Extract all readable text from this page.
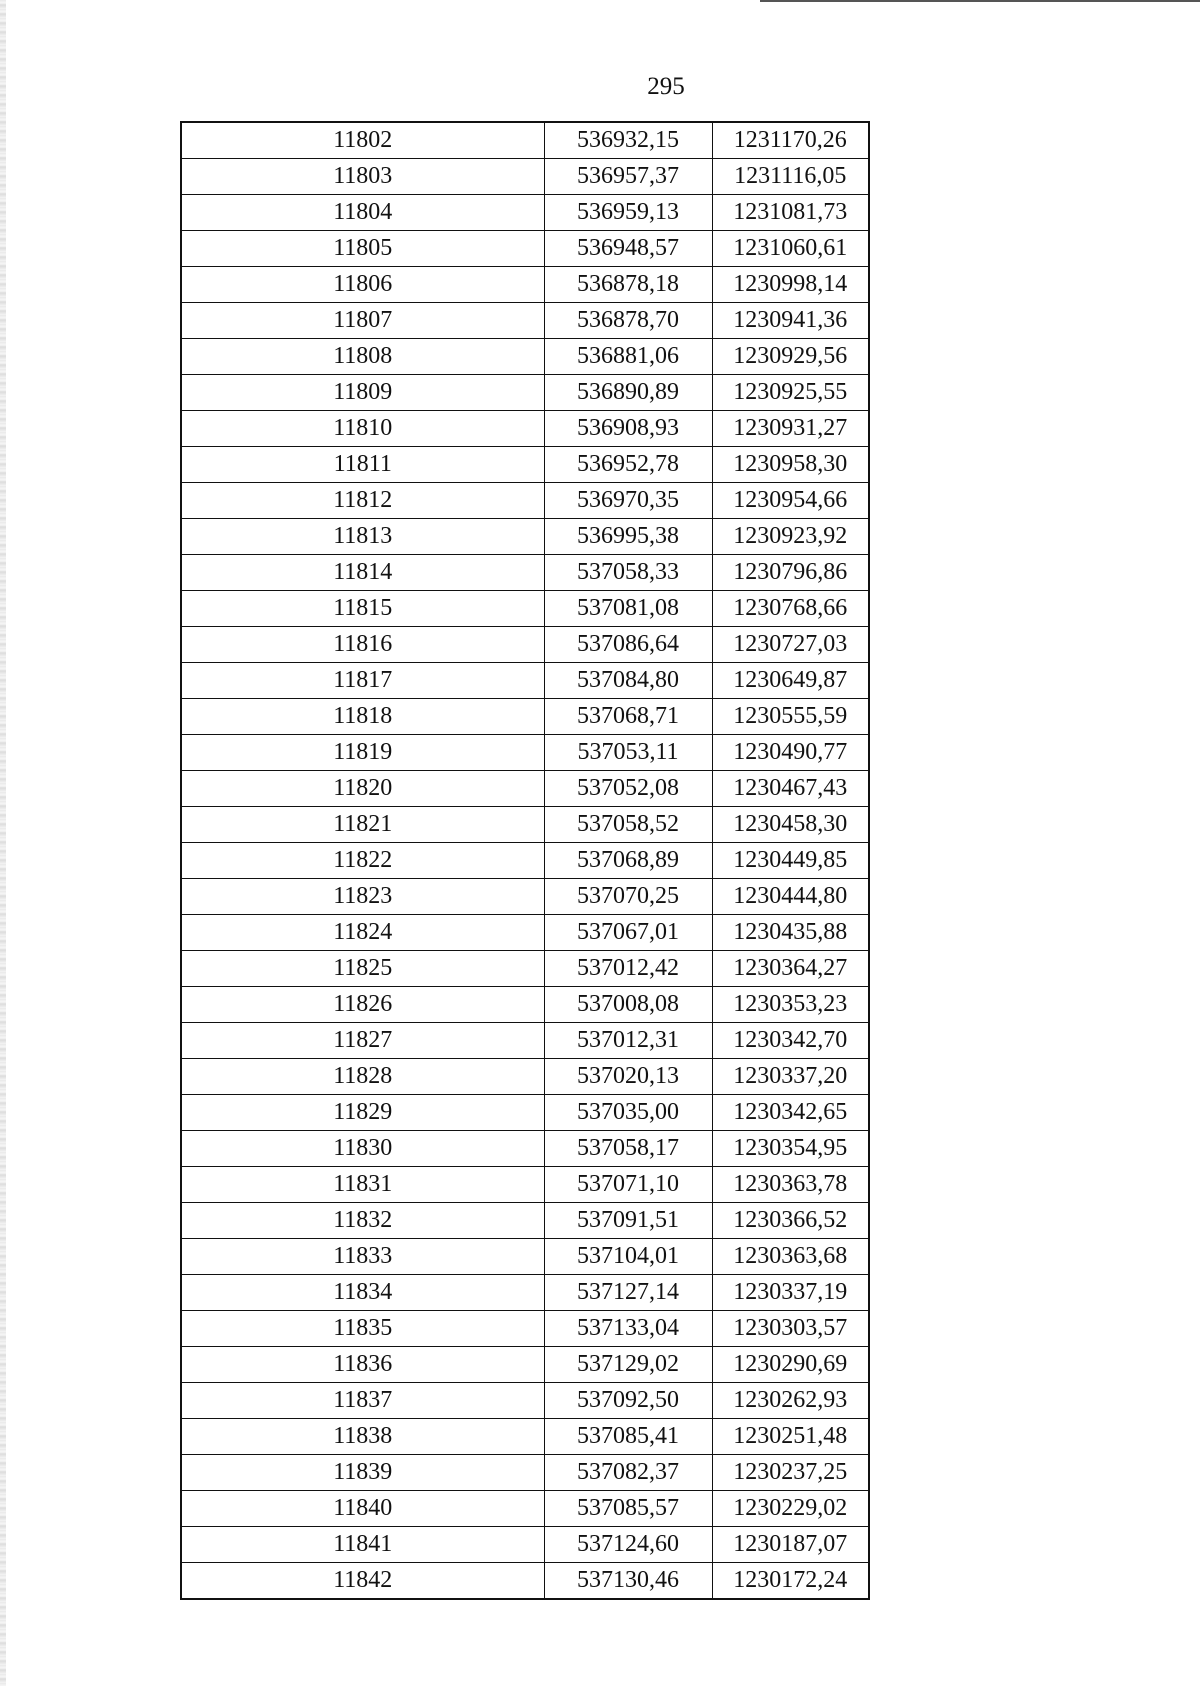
295
11802	536932,15	1231170,26
11803	536957,37	1231116,05
11804	536959,13	1231081,73
11805	536948,57	1231060,61
11806	536878,18	1230998,14
11807	536878,70	1230941,36
11808	536881,06	1230929,56
11809	536890,89	1230925,55
11810	536908,93	1230931,27
11811	536952,78	1230958,30
11812	536970,35	1230954,66
11813	536995,38	1230923,92
11814	537058,33	1230796,86
11815	537081,08	1230768,66
11816	537086,64	1230727,03
11817	537084,80	1230649,87
11818	537068,71	1230555,59
11819	537053,11	1230490,77
11820	537052,08	1230467,43
11821	537058,52	1230458,30
11822	537068,89	1230449,85
11823	537070,25	1230444,80
11824	537067,01	1230435,88
11825	537012,42	1230364,27
11826	537008,08	1230353,23
11827	537012,31	1230342,70
11828	537020,13	1230337,20
11829	537035,00	1230342,65
11830	537058,17	1230354,95
11831	537071,10	1230363,78
11832	537091,51	1230366,52
11833	537104,01	1230363,68
11834	537127,14	1230337,19
11835	537133,04	1230303,57
11836	537129,02	1230290,69
11837	537092,50	1230262,93
11838	537085,41	1230251,48
11839	537082,37	1230237,25
11840	537085,57	1230229,02
11841	537124,60	1230187,07
11842	537130,46	1230172,24
